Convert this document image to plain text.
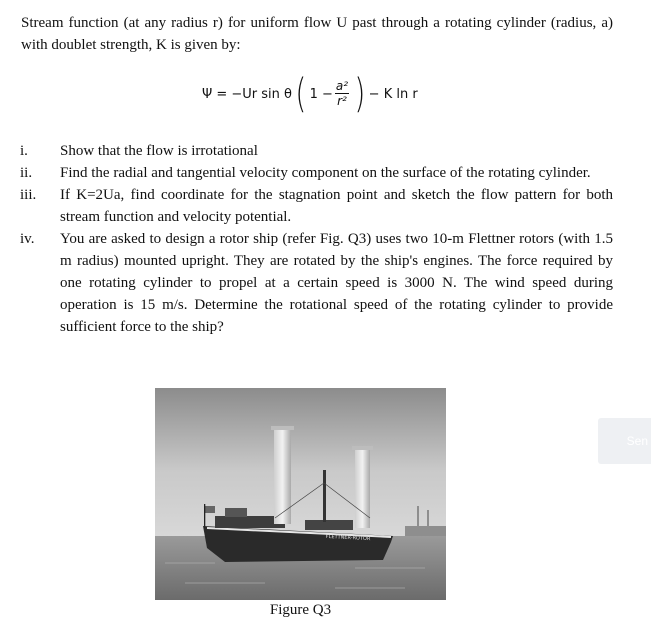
Stream function (at any radius r) for uniform flow U past through a rotating cylinder (radius, a) with doublet strength, K is given by:
Ψ = −Ur sin θ ( $1 - \frac{\text{a²}}{\text{r²}}$ ) − K ln r
i.	Show that the flow is irrotational
ii.	Find the radial and tangential velocity component on the surface of the rotating cylinder.
iii.	If K=2Ua, find coordinate for the stagnation point and sketch the flow pattern for both stream function and velocity potential.
iv.	You are asked to design a rotor ship (refer Fig. Q3) uses two 10-m Flettner rotors (with 1.5 m radius) mounted upright. They are rotated by the ship's engines. The force required by one rotating cylinder to propel at a certain speed is 3000 N. The wind speed during operation is 15 m/s. Determine the rotational speed of the rotating cylinder to provide sufficient force to the ship?
FLETTNER-ROTOR
Figure Q3
Sen
